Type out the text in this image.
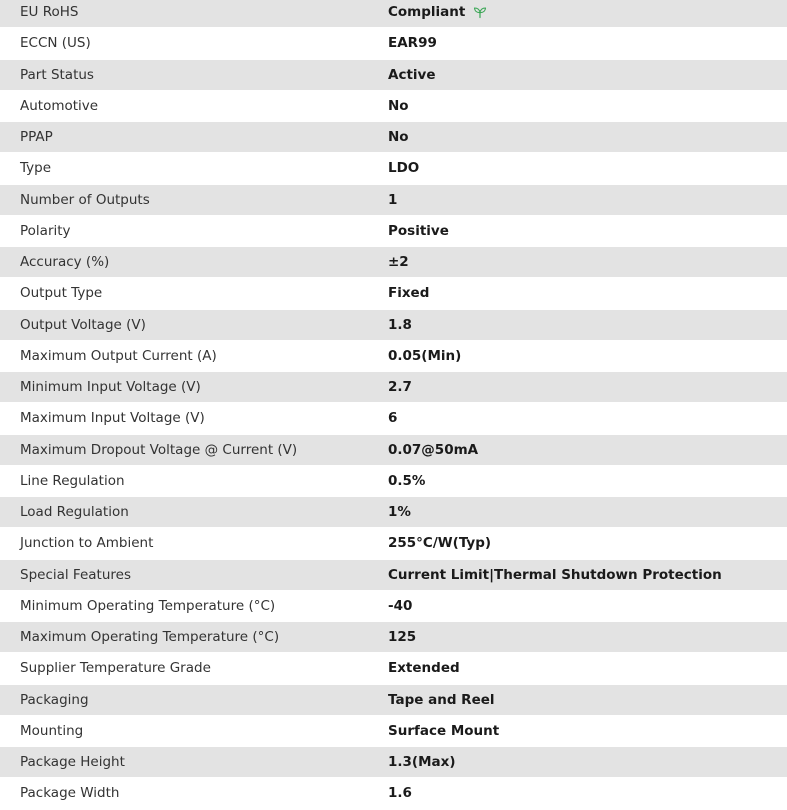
EU RoHS	Compliant
ECCN (US)	EAR99
Part Status	Active
Automotive	No
PPAP	No
Type	LDO
Number of Outputs	1
Polarity	Positive
Accuracy (%)	±2
Output Type	Fixed
Output Voltage (V)	1.8
Maximum Output Current (A)	0.05(Min)
Minimum Input Voltage (V)	2.7
Maximum Input Voltage (V)	6
Maximum Dropout Voltage @ Current (V)	0.07@50mA
Line Regulation	0.5%
Load Regulation	1%
Junction to Ambient	255°C/W(Typ)
Special Features	Current Limit|Thermal Shutdown Protection
Minimum Operating Temperature (°C)	-40
Maximum Operating Temperature (°C)	125
Supplier Temperature Grade	Extended
Packaging	Tape and Reel
Mounting	Surface Mount
Package Height	1.3(Max)
Package Width	1.6
